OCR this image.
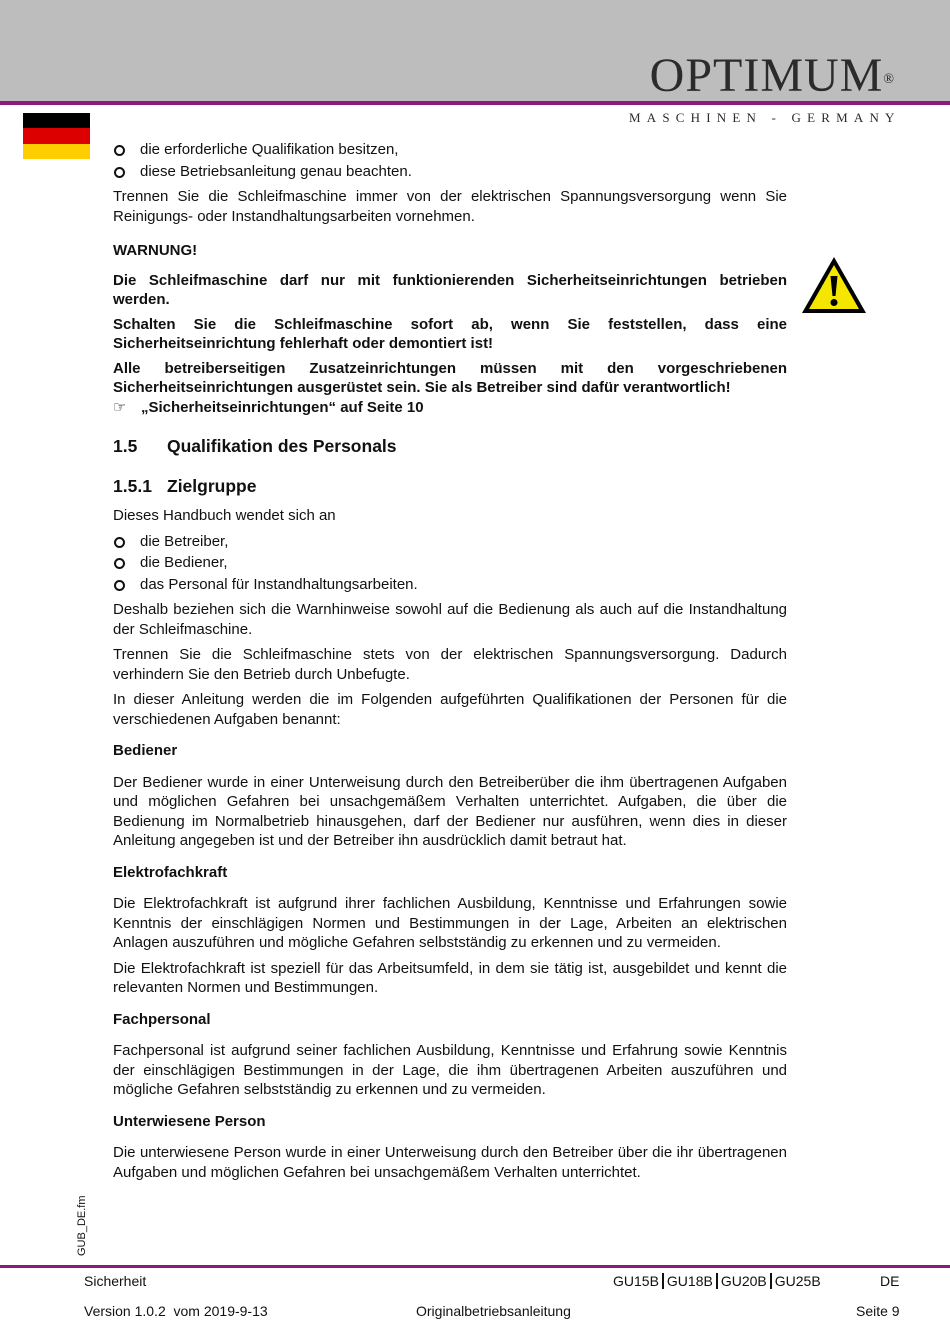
OPTIMUM®
MASCHINEN - GERMANY
die erforderliche Qualifikation besitzen,
diese Betriebsanleitung genau beachten.

Trennen Sie die Schleifmaschine immer von der elektrischen Spannungsversorgung wenn Sie Reinigungs- oder Instandhaltungsarbeiten vornehmen.

WARNUNG!

Die Schleifmaschine darf nur mit funktionierenden Sicherheitseinrichtungen betrieben werden.

Schalten Sie die Schleifmaschine sofort ab, wenn Sie feststellen, dass eine Sicherheitseinrichtung fehlerhaft oder demontiert ist!

Alle betreiberseitigen Zusatzeinrichtungen müssen mit den vorgeschriebenen Sicherheitseinrichtungen ausgerüstet sein. Sie als Betreiber sind dafür verantwortlich!

☞ „Sicherheitseinrichtungen“ auf Seite 10

1.5 Qualifikation des Personals

1.5.1 Zielgruppe

Dieses Handbuch wendet sich an

die Betreiber,
die Bediener,
das Personal für Instandhaltungsarbeiten.

Deshalb beziehen sich die Warnhinweise sowohl auf die Bedienung als auch auf die Instandhaltung der Schleifmaschine.

Trennen Sie die Schleifmaschine stets von der elektrischen Spannungsversorgung. Dadurch verhindern Sie den Betrieb durch Unbefugte.

In dieser Anleitung werden die im Folgenden aufgeführten Qualifikationen der Personen für die verschiedenen Aufgaben benannt:

Bediener

Der Bediener wurde in einer Unterweisung durch den Betreiberüber die ihm übertragenen Aufgaben und möglichen Gefahren bei unsachgemäßem Verhalten unterrichtet. Aufgaben, die über die Bedienung im Normalbetrieb hinausgehen, darf der Bediener nur ausführen, wenn dies in dieser Anleitung angegeben ist und der Betreiber ihn ausdrücklich damit betraut hat.

Elektrofachkraft

Die Elektrofachkraft ist aufgrund ihrer fachlichen Ausbildung, Kenntnisse und Erfahrungen sowie Kenntnis der einschlägigen Normen und Bestimmungen in der Lage, Arbeiten an elektrischen Anlagen auszuführen und mögliche Gefahren selbstständig zu erkennen und zu vermeiden.

Die Elektrofachkraft ist speziell für das Arbeitsumfeld, in dem sie tätig ist, ausgebildet und kennt die relevanten Normen und Bestimmungen.

Fachpersonal

Fachpersonal ist aufgrund seiner fachlichen Ausbildung, Kenntnisse und Erfahrung sowie Kenntnis der einschlägigen Bestimmungen in der Lage, die ihm übertragenen Arbeiten auszuführen und mögliche Gefahren selbstständig zu erkennen und zu vermeiden.

Unterwiesene Person

Die unterwiesene Person wurde in einer Unterweisung durch den Betreiber über die ihr übertragenen Aufgaben und möglichen Gefahren bei unsachgemäßem Verhalten unterrichtet.

GUB_DE.fm
Sicherheit	GU15B GU18B GU20B GU25B	DE
Version 1.0.2  vom 2019-9-13	Originalbetriebsanleitung	Seite 9
